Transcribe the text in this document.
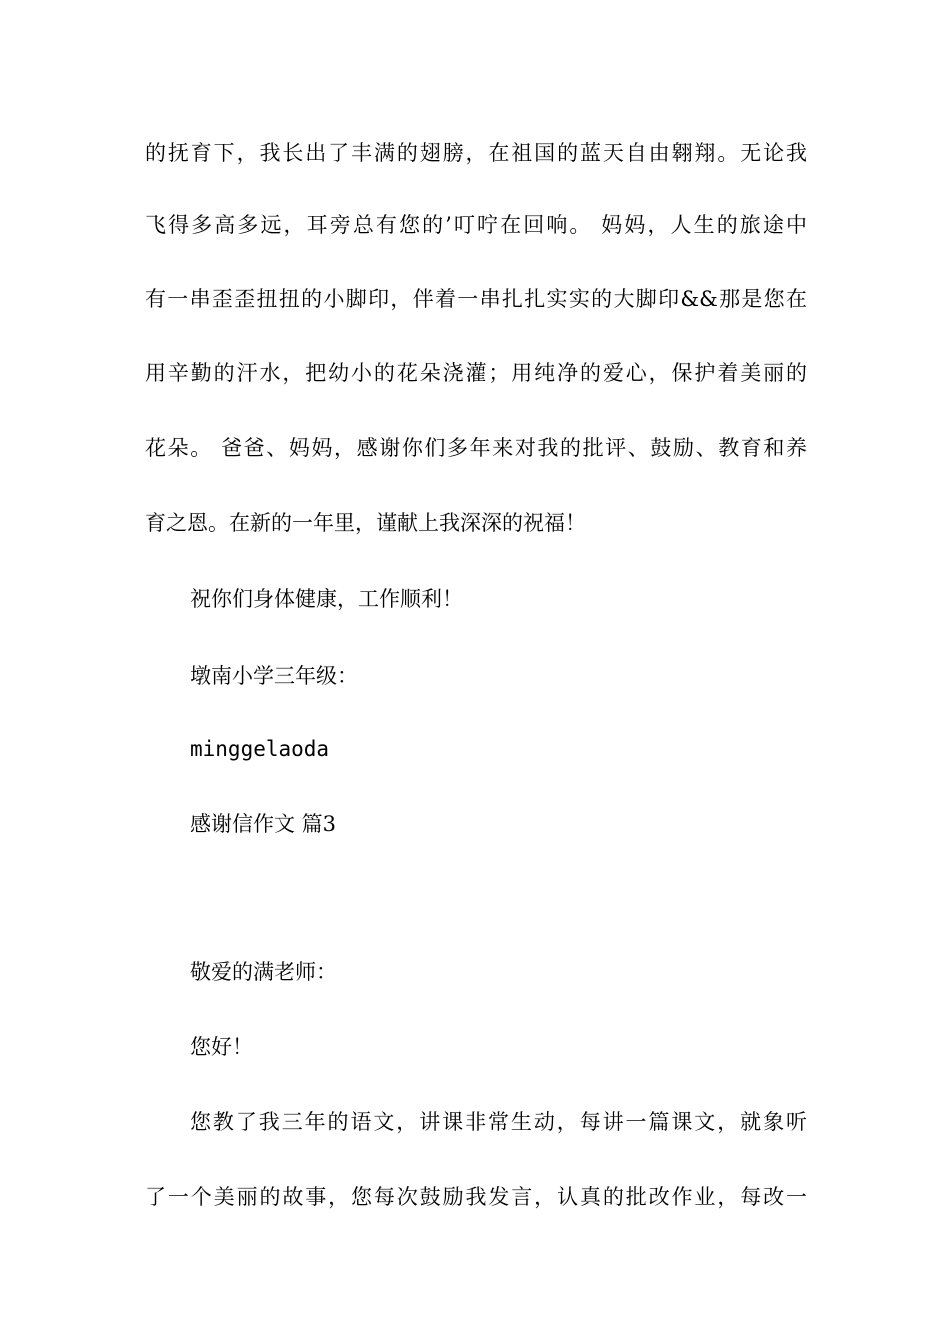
的抚育下，我长出了丰满的翅膀，在祖国的蓝天自由翱翔。无论我
飞得多高多远，耳旁总有您的’叮咛在回响。 妈妈，人生的旅途中
有一串歪歪扭扭的小脚印，伴着一串扎扎实实的大脚印&&那是您在
用辛勤的汗水，把幼小的花朵浇灌；用纯净的爱心，保护着美丽的
花朵。 爸爸、妈妈，感谢你们多年来对我的批评、鼓励、教育和养
育之恩。在新的一年里，谨献上我深深的祝福！
祝你们身体健康，工作顺利！
墩南小学三年级：
minggelaoda
感谢信作文 篇3
敬爱的满老师：
您好！
您教了我三年的语文，讲课非常生动，每讲一篇课文，就象听
了一个美丽的故事，您每次鼓励我发言，认真的批改作业，每改一
